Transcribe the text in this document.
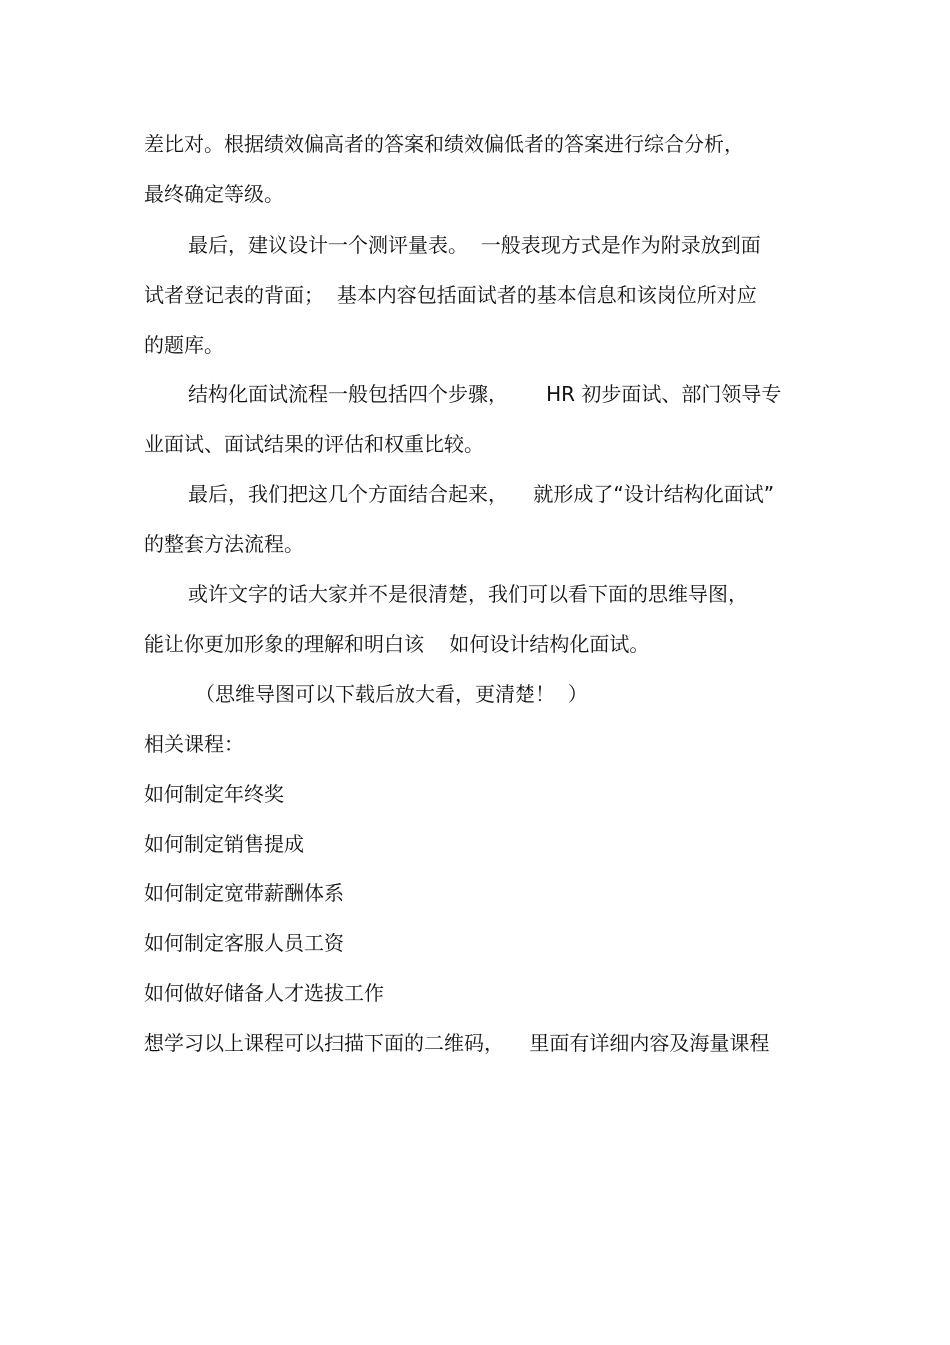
差比对。根据绩效偏高者的答案和绩效偏低者的答案进行综合分析，

最终确定等级。

最后，建议设计一个测评量表。  一般表现方式是作为附录放到面

试者登记表的背面；  基本内容包括面试者的基本信息和该岗位所对应

的题库。

结构化面试流程一般包括四个步骤，      HR 初步面试、部门领导专

业面试、面试结果的评估和权重比较。

最后，我们把这几个方面结合起来，    就形成了“设计结构化面试”

的整套方法流程。

或许文字的话大家并不是很清楚，我们可以看下面的思维导图，

能让你更加形象的理解和明白该    如何设计结构化面试。

（思维导图可以下载后放大看，更清楚！  ）

相关课程：

如何制定年终奖

如何制定销售提成

如何制定宽带薪酬体系

如何制定客服人员工资

如何做好储备人才选拔工作

想学习以上课程可以扫描下面的二维码，    里面有详细内容及海量课程
